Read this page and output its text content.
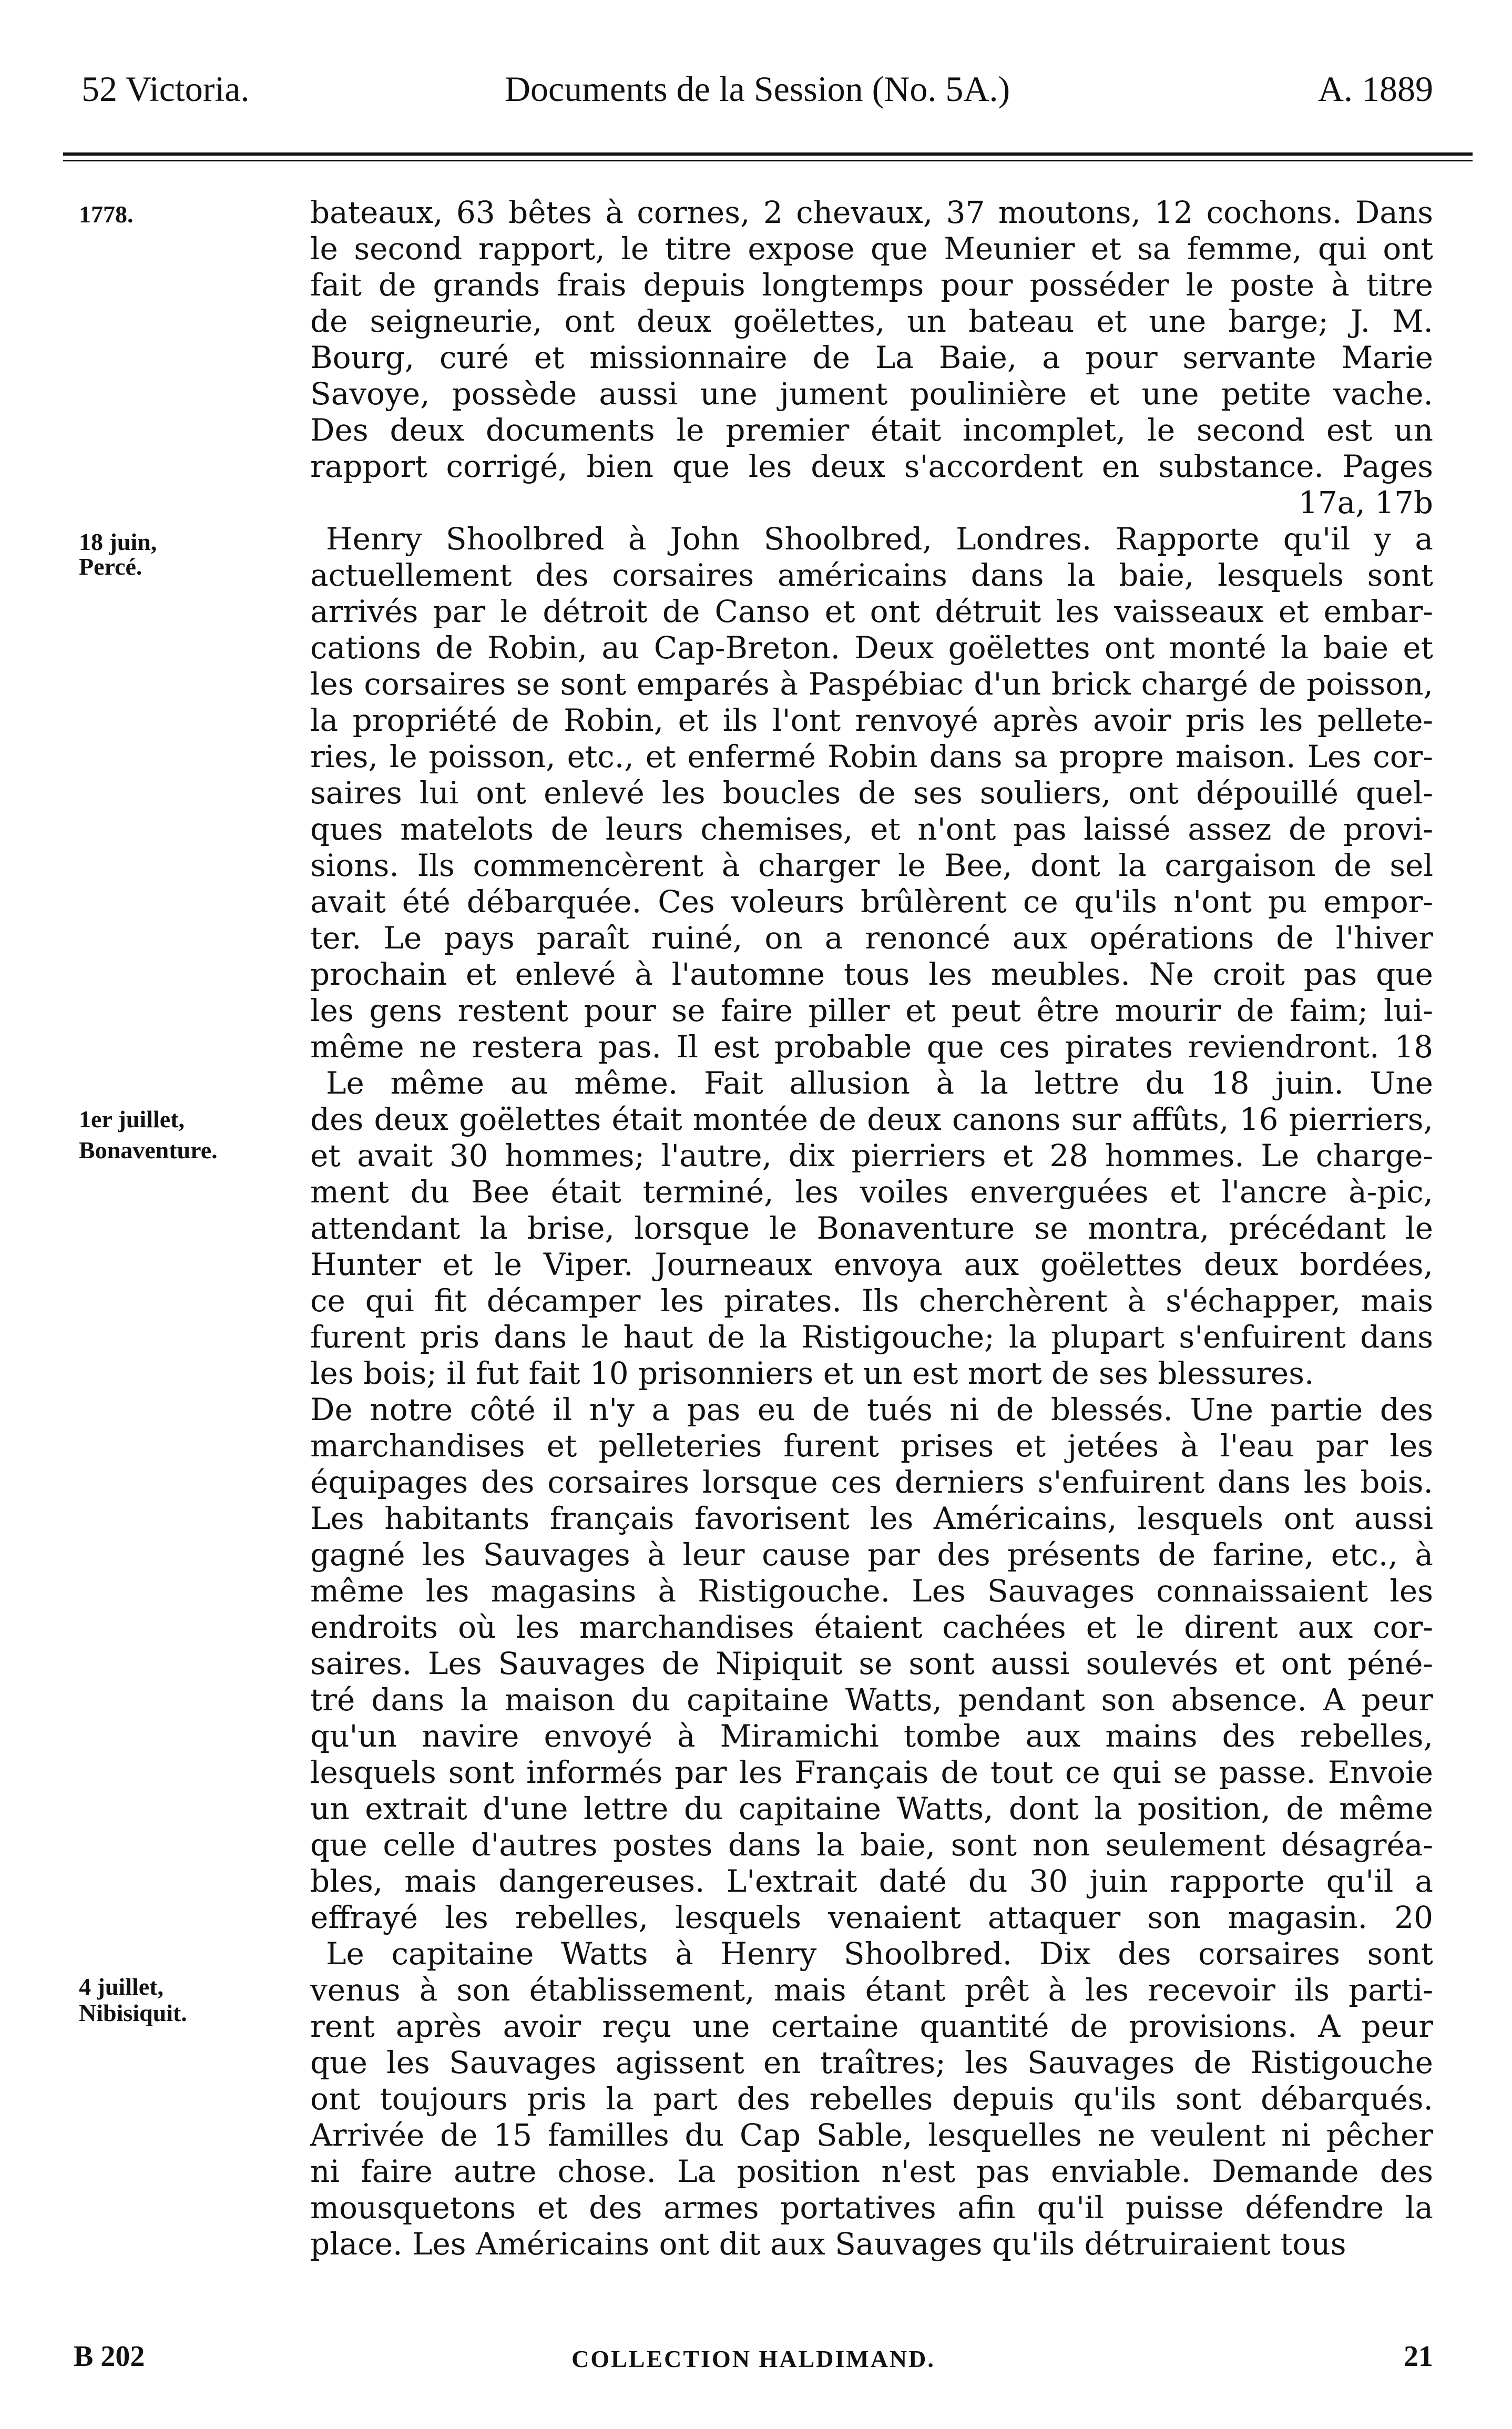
52 Victoria.	Documents de la Session (No. 5A.)	A. 1889
1778.
18 juin,
Percé.
1er juillet,
Bonaventure.
4 juillet,
Nibisiquit.
bateaux, 63 bêtes à cornes, 2 chevaux, 37 moutons, 12 cochons. Dans
le second rapport, le titre expose que Meunier et sa femme, qui ont
fait de grands frais depuis longtemps pour posséder le poste à titre
de seigneurie, ont deux goëlettes, un bateau et une barge; J. M.
Bourg, curé et missionnaire de La Baie, a pour servante Marie
Savoye, possède aussi une jument poulinière et une petite vache.
Des deux documents le premier était incomplet, le second est un
rapport corrigé, bien que les deux s'accordent en substance. Pages
17a, 17b
Henry Shoolbred à John Shoolbred, Londres. Rapporte qu'il y a
actuellement des corsaires américains dans la baie, lesquels sont
arrivés par le détroit de Canso et ont détruit les vaisseaux et embar-
cations de Robin, au Cap-Breton. Deux goëlettes ont monté la baie et
les corsaires se sont emparés à Paspébiac d'un brick chargé de poisson,
la propriété de Robin, et ils l'ont renvoyé après avoir pris les pellete-
ries, le poisson, etc., et enfermé Robin dans sa propre maison. Les cor-
saires lui ont enlevé les boucles de ses souliers, ont dépouillé quel-
ques matelots de leurs chemises, et n'ont pas laissé assez de provi-
sions. Ils commencèrent à charger le Bee, dont la cargaison de sel
avait été débarquée. Ces voleurs brûlèrent ce qu'ils n'ont pu empor-
ter. Le pays paraît ruiné, on a renoncé aux opérations de l'hiver
prochain et enlevé à l'automne tous les meubles. Ne croit pas que
les gens restent pour se faire piller et peut être mourir de faim; lui-
même ne restera pas. Il est probable que ces pirates reviendront. 18
Le même au même. Fait allusion à la lettre du 18 juin. Une
des deux goëlettes était montée de deux canons sur affûts, 16 pierriers,
et avait 30 hommes; l'autre, dix pierriers et 28 hommes. Le charge-
ment du Bee était terminé, les voiles enverguées et l'ancre à-pic,
attendant la brise, lorsque le Bonaventure se montra, précédant le
Hunter et le Viper. Journeaux envoya aux goëlettes deux bordées,
ce qui fit décamper les pirates. Ils cherchèrent à s'échapper, mais
furent pris dans le haut de la Ristigouche; la plupart s'enfuirent dans
les bois; il fut fait 10 prisonniers et un est mort de ses blessures.
De notre côté il n'y a pas eu de tués ni de blessés. Une partie des
marchandises et pelleteries furent prises et jetées à l'eau par les
équipages des corsaires lorsque ces derniers s'enfuirent dans les bois.
Les habitants français favorisent les Américains, lesquels ont aussi
gagné les Sauvages à leur cause par des présents de farine, etc., à
même les magasins à Ristigouche. Les Sauvages connaissaient les
endroits où les marchandises étaient cachées et le dirent aux cor-
saires. Les Sauvages de Nipiquit se sont aussi soulevés et ont péné-
tré dans la maison du capitaine Watts, pendant son absence. A peur
qu'un navire envoyé à Miramichi tombe aux mains des rebelles,
lesquels sont informés par les Français de tout ce qui se passe. Envoie
un extrait d'une lettre du capitaine Watts, dont la position, de même
que celle d'autres postes dans la baie, sont non seulement désagréa-
bles, mais dangereuses. L'extrait daté du 30 juin rapporte qu'il a
effrayé les rebelles, lesquels venaient attaquer son magasin. 20
Le capitaine Watts à Henry Shoolbred. Dix des corsaires sont
venus à son établissement, mais étant prêt à les recevoir ils parti-
rent après avoir reçu une certaine quantité de provisions. A peur
que les Sauvages agissent en traîtres; les Sauvages de Ristigouche
ont toujours pris la part des rebelles depuis qu'ils sont débarqués.
Arrivée de 15 familles du Cap Sable, lesquelles ne veulent ni pêcher
ni faire autre chose. La position n'est pas enviable. Demande des
mousquetons et des armes portatives afin qu'il puisse défendre la
place. Les Américains ont dit aux Sauvages qu'ils détruiraient tous
B 202	COLLECTION HALDIMAND.	21
